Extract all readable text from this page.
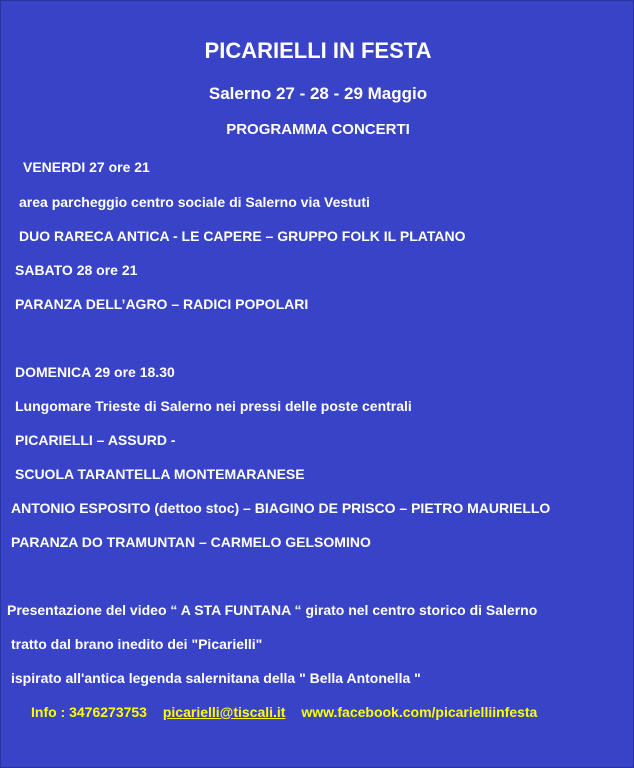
PICARIELLI IN FESTA
Salerno 27 - 28 - 29 Maggio
PROGRAMMA CONCERTI
VENERDI 27 ore 21
area parcheggio centro sociale di Salerno via Vestuti
DUO RARECA ANTICA - LE CAPERE – GRUPPO FOLK IL PLATANO
SABATO 28 ore 21
PARANZA DELL’AGRO – RADICI POPOLARI
DOMENICA 29 ore 18.30
Lungomare Trieste di Salerno nei pressi delle poste centrali
PICARIELLI – ASSURD -
SCUOLA TARANTELLA MONTEMARANESE
ANTONIO ESPOSITO (dettoo stoc) – BIAGINO DE PRISCO – PIETRO MAURIELLO
PARANZA DO TRAMUNTAN – CARMELO GELSOMINO
Presentazione del video “ A STA FUNTANA “ girato nel centro storico di Salerno
tratto dal brano inedito dei "Picarielli"
ispirato all'antica legenda salernitana della " Bella Antonella "
Info : 3476273753 picarielli@tiscali.it www.facebook.com/picarielliinfesta
